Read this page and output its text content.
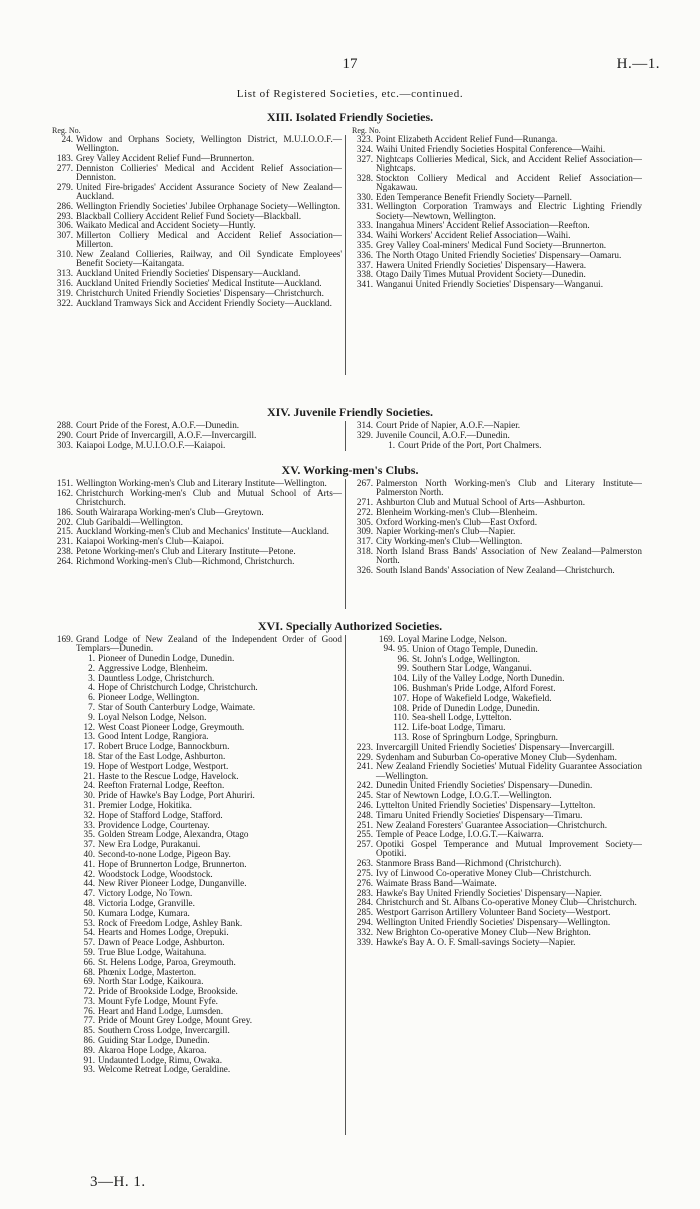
17	H.—1.
List of Registered Societies, etc.—continued.
XIII. Isolated Friendly Societies.
Reg. No.	Reg. No.
24. Widow and Orphans Society, Wellington District, M.U.I.O.O.F.—Wellington.
183. Grey Valley Accident Relief Fund—Brunnerton.
277. Denniston Collieries' Medical and Accident Relief Association—Denniston.
279. United Fire-brigades' Accident Assurance Society of New Zealand—Auckland.
286. Wellington Friendly Societies' Jubilee Orphanage Society—Wellington.
293. Blackball Colliery Accident Relief Fund Society—Blackball.
306. Waikato Medical and Accident Society—Huntly.
307. Millerton Colliery Medical and Accident Relief Association—Millerton.
310. New Zealand Collieries, Railway, and Oil Syndicate Employees' Benefit Society—Kaitangata.
313. Auckland United Friendly Societies' Dispensary—Auckland.
316. Auckland United Friendly Societies' Medical Institute—Auckland.
319. Christchurch United Friendly Societies' Dispensary—Christchurch.
322. Auckland Tramways Sick and Accident Friendly Society—Auckland.
323. Point Elizabeth Accident Relief Fund—Runanga.
324. Waihi United Friendly Societies Hospital Conference—Waihi.
327. Nightcaps Collieries Medical, Sick, and Accident Relief Association—Nightcaps.
328. Stockton Colliery Medical and Accident Relief Association—Ngakawau.
330. Eden Temperance Benefit Friendly Society—Parnell.
331. Wellington Corporation Tramways and Electric Lighting Friendly Society—Newtown, Wellington.
333. Inangahua Miners' Accident Relief Association—Reefton.
334. Waihi Workers' Accident Relief Association—Waihi.
335. Grey Valley Coal-miners' Medical Fund Society—Brunnerton.
336. The North Otago United Friendly Societies' Dispensary—Oamaru.
337. Hawera United Friendly Societies' Dispensary—Hawera.
338. Otago Daily Times Mutual Provident Society—Dunedin.
341. Wanganui United Friendly Societies' Dispensary—Wanganui.
XIV. Juvenile Friendly Societies.
288. Court Pride of the Forest, A.O.F.—Dunedin.
290. Court Pride of Invercargill, A.O.F.—Invercargill.
303. Kaiapoi Lodge, M.U.I.O.O.F.—Kaiapoi.
314. Court Pride of Napier, A.O.F.—Napier.
329. Juvenile Council, A.O.F.—Dunedin.
1. Court Pride of the Port, Port Chalmers.
XV. Working-men's Clubs.
151. Wellington Working-men's Club and Literary Institute—Wellington.
162. Christchurch Working-men's Club and Mutual School of Arts—Christchurch.
186. South Wairarapa Working-men's Club—Greytown.
202. Club Garibaldi—Wellington.
215. Auckland Working-men's Club and Mechanics' Institute—Auckland.
231. Kaiapoi Working-men's Club—Kaiapoi.
238. Petone Working-men's Club and Literary Institute—Petone.
264. Richmond Working-men's Club—Richmond, Christchurch.
267. Palmerston North Working-men's Club and Literary Institute—Palmerston North.
271. Ashburton Club and Mutual School of Arts—Ashburton.
272. Blenheim Working-men's Club—Blenheim.
305. Oxford Working-men's Club—East Oxford.
309. Napier Working-men's Club—Napier.
317. City Working-men's Club—Wellington.
318. North Island Brass Bands' Association of New Zealand—Palmerston North.
326. South Island Bands' Association of New Zealand—Christchurch.
XVI. Specially Authorized Societies.
169. Grand Lodge of New Zealand of the Independent Order of Good Templars—Dunedin.
1. Pioneer of Dunedin Lodge, Dunedin.
2. Aggressive Lodge, Blenheim.
3. Dauntless Lodge, Christchurch.
4. Hope of Christchurch Lodge, Christchurch.
6. Pioneer Lodge, Wellington.
7. Star of South Canterbury Lodge, Waimate.
9. Loyal Nelson Lodge, Nelson.
12. West Coast Pioneer Lodge, Greymouth.
13. Good Intent Lodge, Rangiora.
17. Robert Bruce Lodge, Bannockburn.
18. Star of the East Lodge, Ashburton.
19. Hope of Westport Lodge, Westport.
21. Haste to the Rescue Lodge, Havelock.
24. Reefton Fraternal Lodge, Reefton.
30. Pride of Hawke's Bay Lodge, Port Ahuriri.
31. Premier Lodge, Hokitika.
32. Hope of Stafford Lodge, Stafford.
33. Providence Lodge, Courtenay.
35. Golden Stream Lodge, Alexandra, Otago
37. New Era Lodge, Purakanui.
40. Second-to-none Lodge, Pigeon Bay.
41. Hope of Brunnerton Lodge, Brunnerton.
42. Woodstock Lodge, Woodstock.
44. New River Pioneer Lodge, Dunganville.
47. Victory Lodge, No Town.
48. Victoria Lodge, Granville.
50. Kumara Lodge, Kumara.
53. Rock of Freedom Lodge, Ashley Bank.
54. Hearts and Homes Lodge, Orepuki.
57. Dawn of Peace Lodge, Ashburton.
59. True Blue Lodge, Waitahuna.
66. St. Helens Lodge, Paroa, Greymouth.
68. Phœnix Lodge, Masterton.
69. North Star Lodge, Kaikoura.
72. Pride of Brookside Lodge, Brookside.
73. Mount Fyfe Lodge, Mount Fyfe.
76. Heart and Hand Lodge, Lumsden.
77. Pride of Mount Grey Lodge, Mount Grey.
85. Southern Cross Lodge, Invercargill.
86. Guiding Star Lodge, Dunedin.
89. Akaroa Hope Lodge, Akaroa.
91. Undaunted Lodge, Rimu, Owaka.
93. Welcome Retreat Lodge, Geraldine.
169. 94.
Loyal Marine Lodge, Nelson.
95. Union of Otago Temple, Dunedin.
96. St. John's Lodge, Wellington.
99. Southern Star Lodge, Wanganui.
104. Lily of the Valley Lodge, North Dunedin.
106. Bushman's Pride Lodge, Alford Forest.
107. Hope of Wakefield Lodge, Wakefield.
108. Pride of Dunedin Lodge, Dunedin.
110. Sea-shell Lodge, Lyttelton.
112. Life-boat Lodge, Timaru.
113. Rose of Springburn Lodge, Springburn.
223. Invercargill United Friendly Societies' Dispensary—Invercargill.
229. Sydenham and Suburban Co-operative Money Club—Sydenham.
241. New Zealand Friendly Societies' Mutual Fidelity Guarantee Association—Wellington.
242. Dunedin United Friendly Societies' Dispensary—Dunedin.
245. Star of Newtown Lodge, I.O.G.T.—Wellington.
246. Lyttelton United Friendly Societies' Dispensary—Lyttelton.
248. Timaru United Friendly Societies' Dispensary—Timaru.
251. New Zealand Foresters' Guarantee Association—Christchurch.
255. Temple of Peace Lodge, I.O.G.T.—Kaiwarra.
257. Opotiki Gospel Temperance and Mutual Improvement Society—Opotiki.
263. Stanmore Brass Band—Richmond (Christchurch).
275. Ivy of Linwood Co-operative Money Club—Christchurch.
276. Waimate Brass Band—Waimate.
283. Hawke's Bay United Friendly Societies' Dispensary—Napier.
284. Christchurch and St. Albans Co-operative Money Club—Christchurch.
285. Westport Garrison Artillery Volunteer Band Society—Westport.
294. Wellington United Friendly Societies' Dispensary—Wellington.
332. New Brighton Co-operative Money Club—New Brighton.
339. Hawke's Bay A. O. F. Small-savings Society—Napier.
3—H. 1.
